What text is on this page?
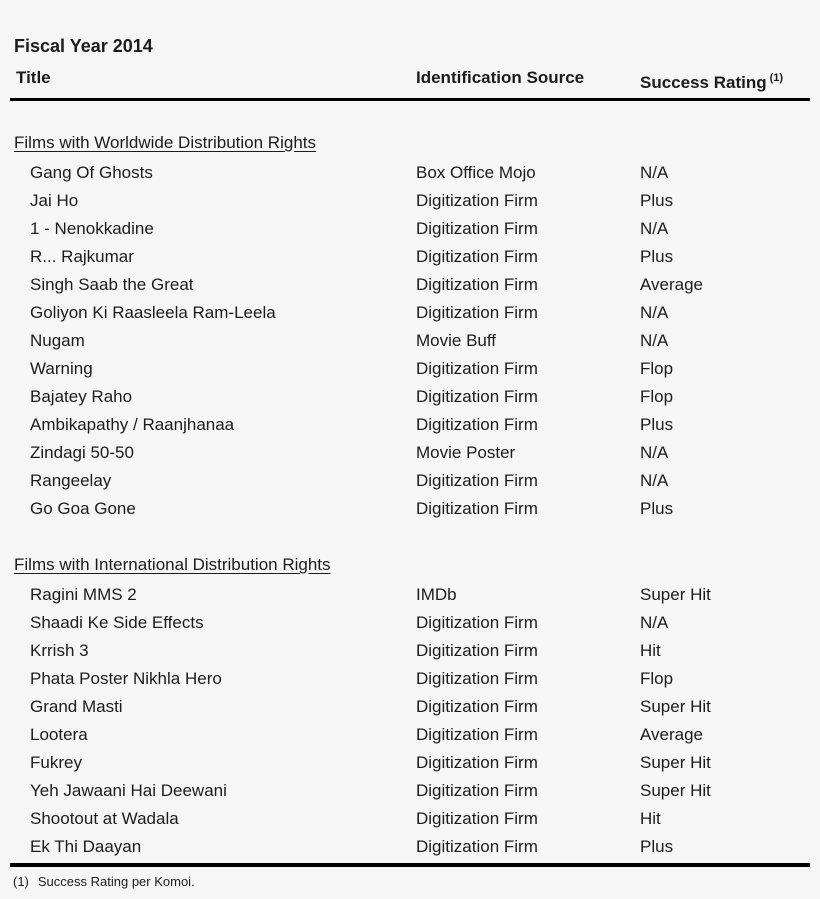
Fiscal Year 2014
Title	Identification Source	Success Rating $^{(1)}$
Films with Worldwide Distribution Rights
Gang Of Ghosts	Box Office Mojo	N/A
Jai Ho	Digitization Firm	Plus
1 - Nenokkadine	Digitization Firm	N/A
R... Rajkumar	Digitization Firm	Plus
Singh Saab the Great	Digitization Firm	Average
Goliyon Ki Raasleela Ram-Leela	Digitization Firm	N/A
Nugam	Movie Buff	N/A
Warning	Digitization Firm	Flop
Bajatey Raho	Digitization Firm	Flop
Ambikapathy / Raanjhanaa	Digitization Firm	Plus
Zindagi 50-50	Movie Poster	N/A
Rangeelay	Digitization Firm	N/A
Go Goa Gone	Digitization Firm	Plus
Films with International Distribution Rights
Ragini MMS 2	IMDb	Super Hit
Shaadi Ke Side Effects	Digitization Firm	N/A
Krrish 3	Digitization Firm	Hit
Phata Poster Nikhla Hero	Digitization Firm	Flop
Grand Masti	Digitization Firm	Super Hit
Lootera	Digitization Firm	Average
Fukrey	Digitization Firm	Super Hit
Yeh Jawaani Hai Deewani	Digitization Firm	Super Hit
Shootout at Wadala	Digitization Firm	Hit
Ek Thi Daayan	Digitization Firm	Plus
(1) Success Rating per Komoi.
